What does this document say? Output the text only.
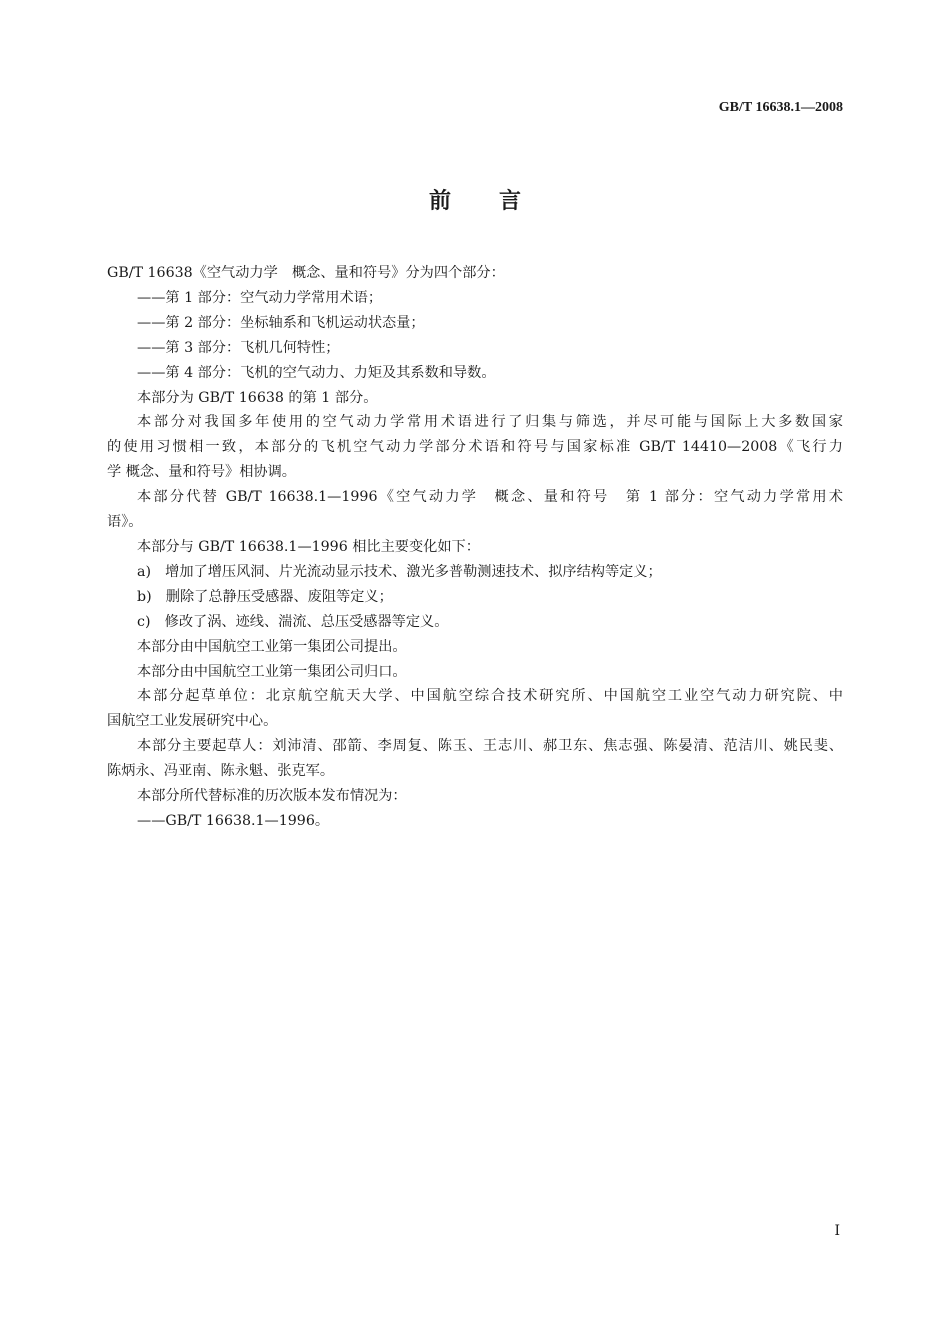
GB/T 16638.1—2008
前言
GB/T 16638《空气动力学　概念、量和符号》分为四个部分：
——第 1 部分：空气动力学常用术语；
——第 2 部分：坐标轴系和飞机运动状态量；
——第 3 部分：飞机几何特性；
——第 4 部分：飞机的空气动力、力矩及其系数和导数。
本部分为 GB/T 16638 的第 1 部分。
本部分对我国多年使用的空气动力学常用术语进行了归集与筛选，并尽可能与国际上大多数国家
的使用习惯相一致，本部分的飞机空气动力学部分术语和符号与国家标准 GB/T 14410—2008《飞行力
学 概念、量和符号》相协调。
本部分代替 GB/T 16638.1—1996《空气动力学　概念、量和符号　第 1 部分：空气动力学常用术
语》。
本部分与 GB/T 16638.1—1996 相比主要变化如下：
a)　增加了增压风洞、片光流动显示技术、激光多普勒测速技术、拟序结构等定义；
b)　删除了总静压受感器、废阻等定义；
c)　修改了涡、迹线、湍流、总压受感器等定义。
本部分由中国航空工业第一集团公司提出。
本部分由中国航空工业第一集团公司归口。
本部分起草单位：北京航空航天大学、中国航空综合技术研究所、中国航空工业空气动力研究院、中
国航空工业发展研究中心。
本部分主要起草人：刘沛清、邵箭、李周复、陈玉、王志川、郝卫东、焦志强、陈晏清、范洁川、姚民斐、
陈炳永、冯亚南、陈永魁、张克军。
本部分所代替标准的历次版本发布情况为：
——GB/T 16638.1—1996。
I
